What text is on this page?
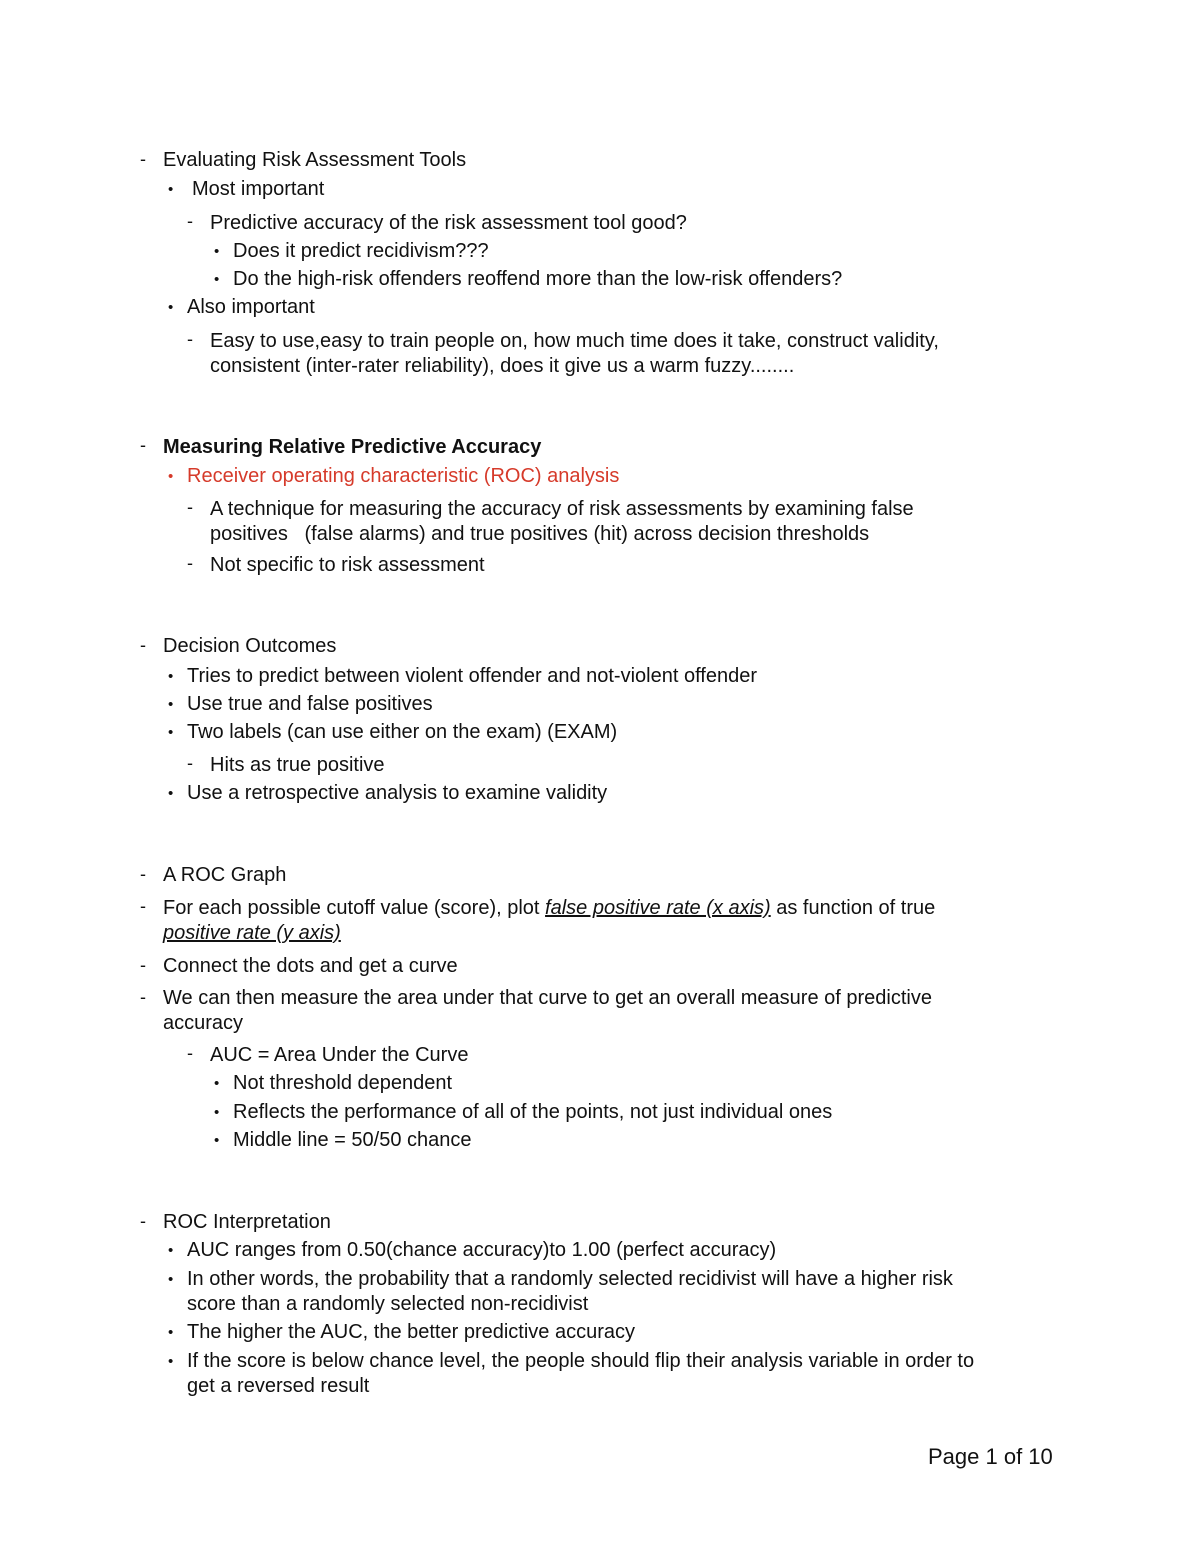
- Evaluating Risk Assessment Tools
• Most important
- Predictive accuracy of the risk assessment tool good?
• Does it predict recidivism???
• Do the high-risk offenders reoffend more than the low-risk offenders?
• Also important
- Easy to use,easy to train people on, how much time does it take, construct validity,
consistent (inter-rater reliability), does it give us a warm fuzzy........
- Measuring Relative Predictive Accuracy
• Receiver operating characteristic (ROC) analysis
- A technique for measuring the accuracy of risk assessments by examining false
positives   (false alarms) and true positives (hit) across decision thresholds
- Not specific to risk assessment
- Decision Outcomes
• Tries to predict between violent offender and not-violent offender
• Use true and false positives
• Two labels (can use either on the exam) (EXAM)
- Hits as true positive
• Use a retrospective analysis to examine validity
- A ROC Graph
- For each possible cutoff value (score), plot false positive rate (x axis) as function of true
positive rate (y axis)
- Connect the dots and get a curve
- We can then measure the area under that curve to get an overall measure of predictive
accuracy
- AUC = Area Under the Curve
• Not threshold dependent
• Reflects the performance of all of the points, not just individual ones
• Middle line = 50/50 chance
- ROC Interpretation
• AUC ranges from 0.50(chance accuracy)to 1.00 (perfect accuracy)
• In other words, the probability that a randomly selected recidivist will have a higher risk
score than a randomly selected non-recidivist
• The higher the AUC, the better predictive accuracy
• If the score is below chance level, the people should flip their analysis variable in order to
get a reversed result
Page 1 of 10
